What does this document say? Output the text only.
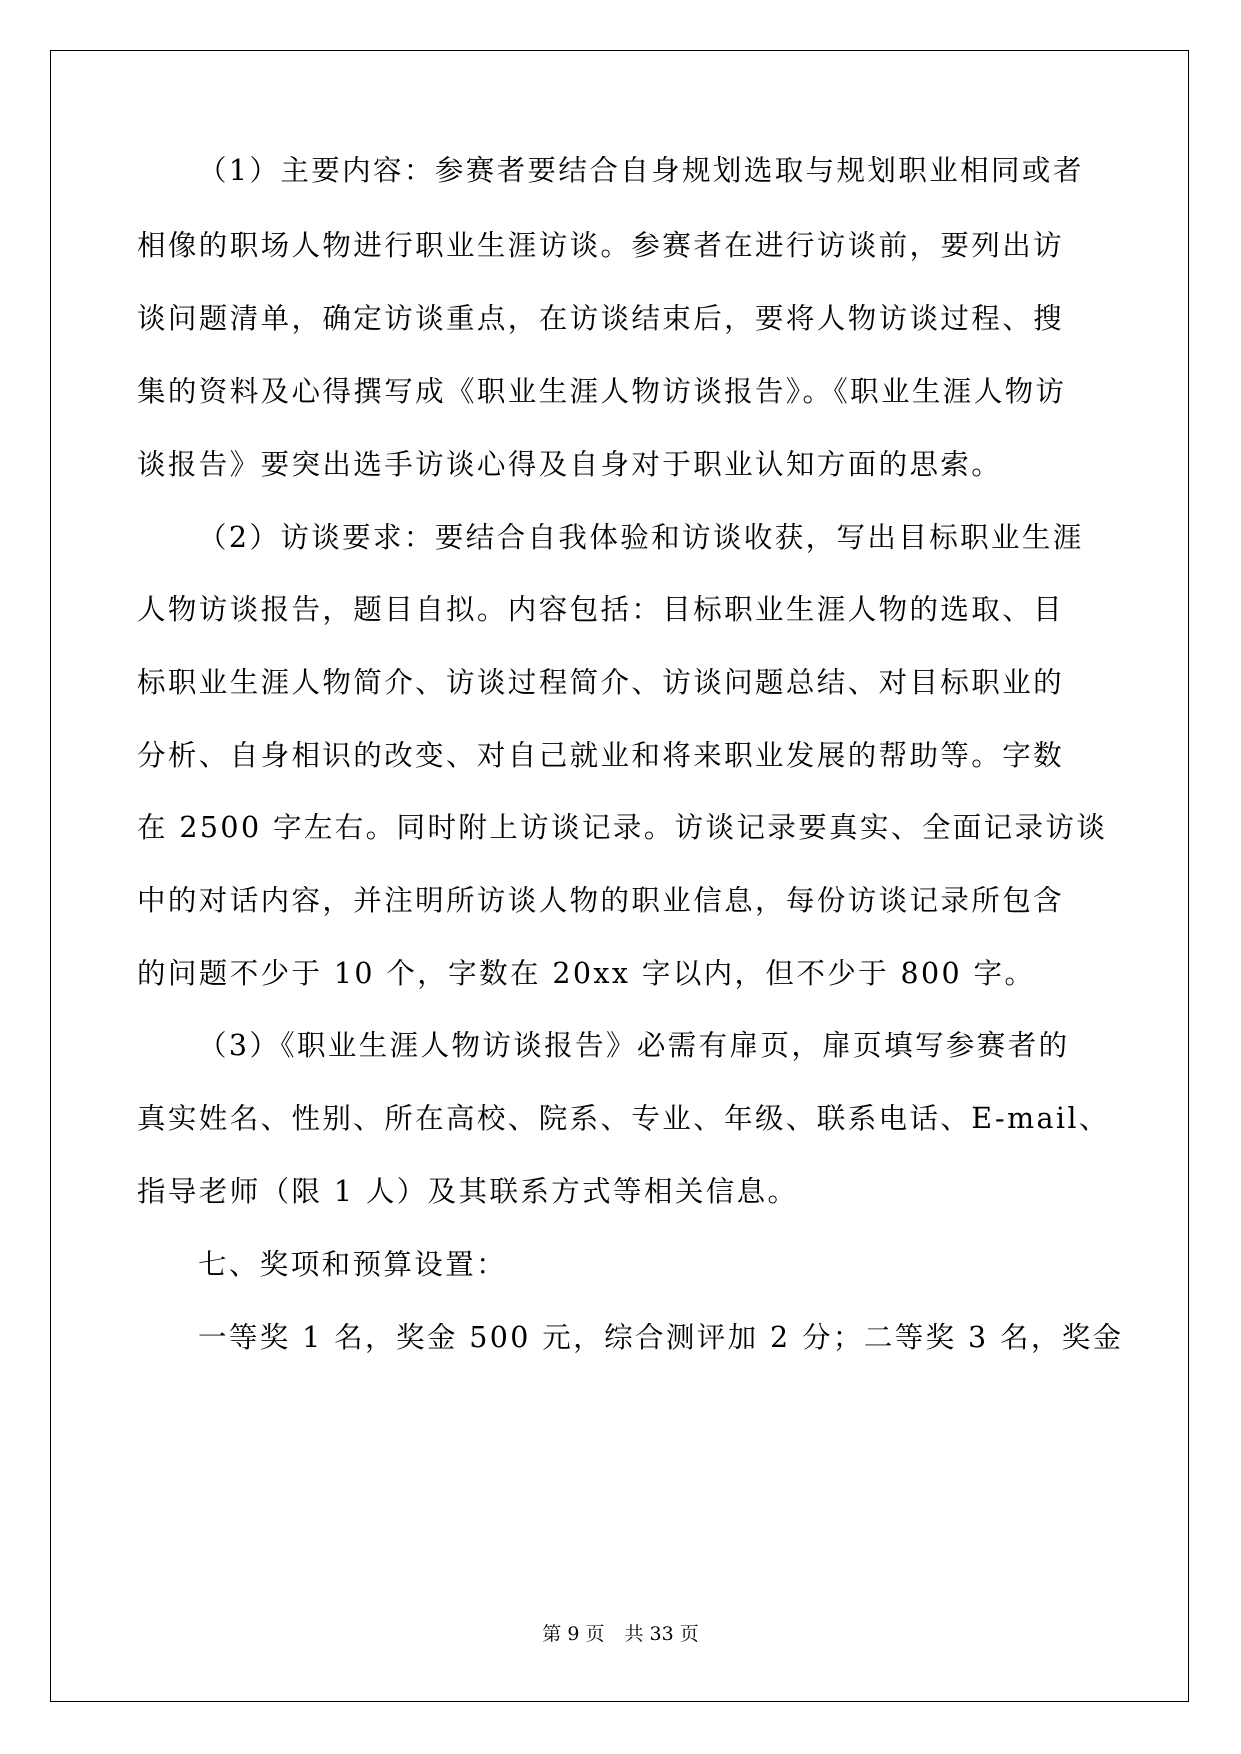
（1）主要内容：参赛者要结合自身规划选取与规划职业相同或者
相像的职场人物进行职业生涯访谈。参赛者在进行访谈前，要列出访
谈问题清单，确定访谈重点，在访谈结束后，要将人物访谈过程、搜
集的资料及心得撰写成《职业生涯人物访谈报告》。《职业生涯人物访
谈报告》要突出选手访谈心得及自身对于职业认知方面的思索。
（2）访谈要求：要结合自我体验和访谈收获，写出目标职业生涯
人物访谈报告，题目自拟。内容包括：目标职业生涯人物的选取、目
标职业生涯人物简介、访谈过程简介、访谈问题总结、对目标职业的
分析、自身相识的改变、对自己就业和将来职业发展的帮助等。字数
在 2500 字左右。同时附上访谈记录。访谈记录要真实、全面记录访谈
中的对话内容，并注明所访谈人物的职业信息，每份访谈记录所包含
的问题不少于 10 个，字数在 20xx 字以内，但不少于 800 字。
（3）《职业生涯人物访谈报告》必需有扉页，扉页填写参赛者的
真实姓名、性别、所在高校、院系、专业、年级、联系电话、E-mail、
指导老师（限 1 人）及其联系方式等相关信息。
七、奖项和预算设置：
一等奖 1 名，奖金 500 元，综合测评加 2 分；二等奖 3 名，奖金
第 9 页 共 33 页
